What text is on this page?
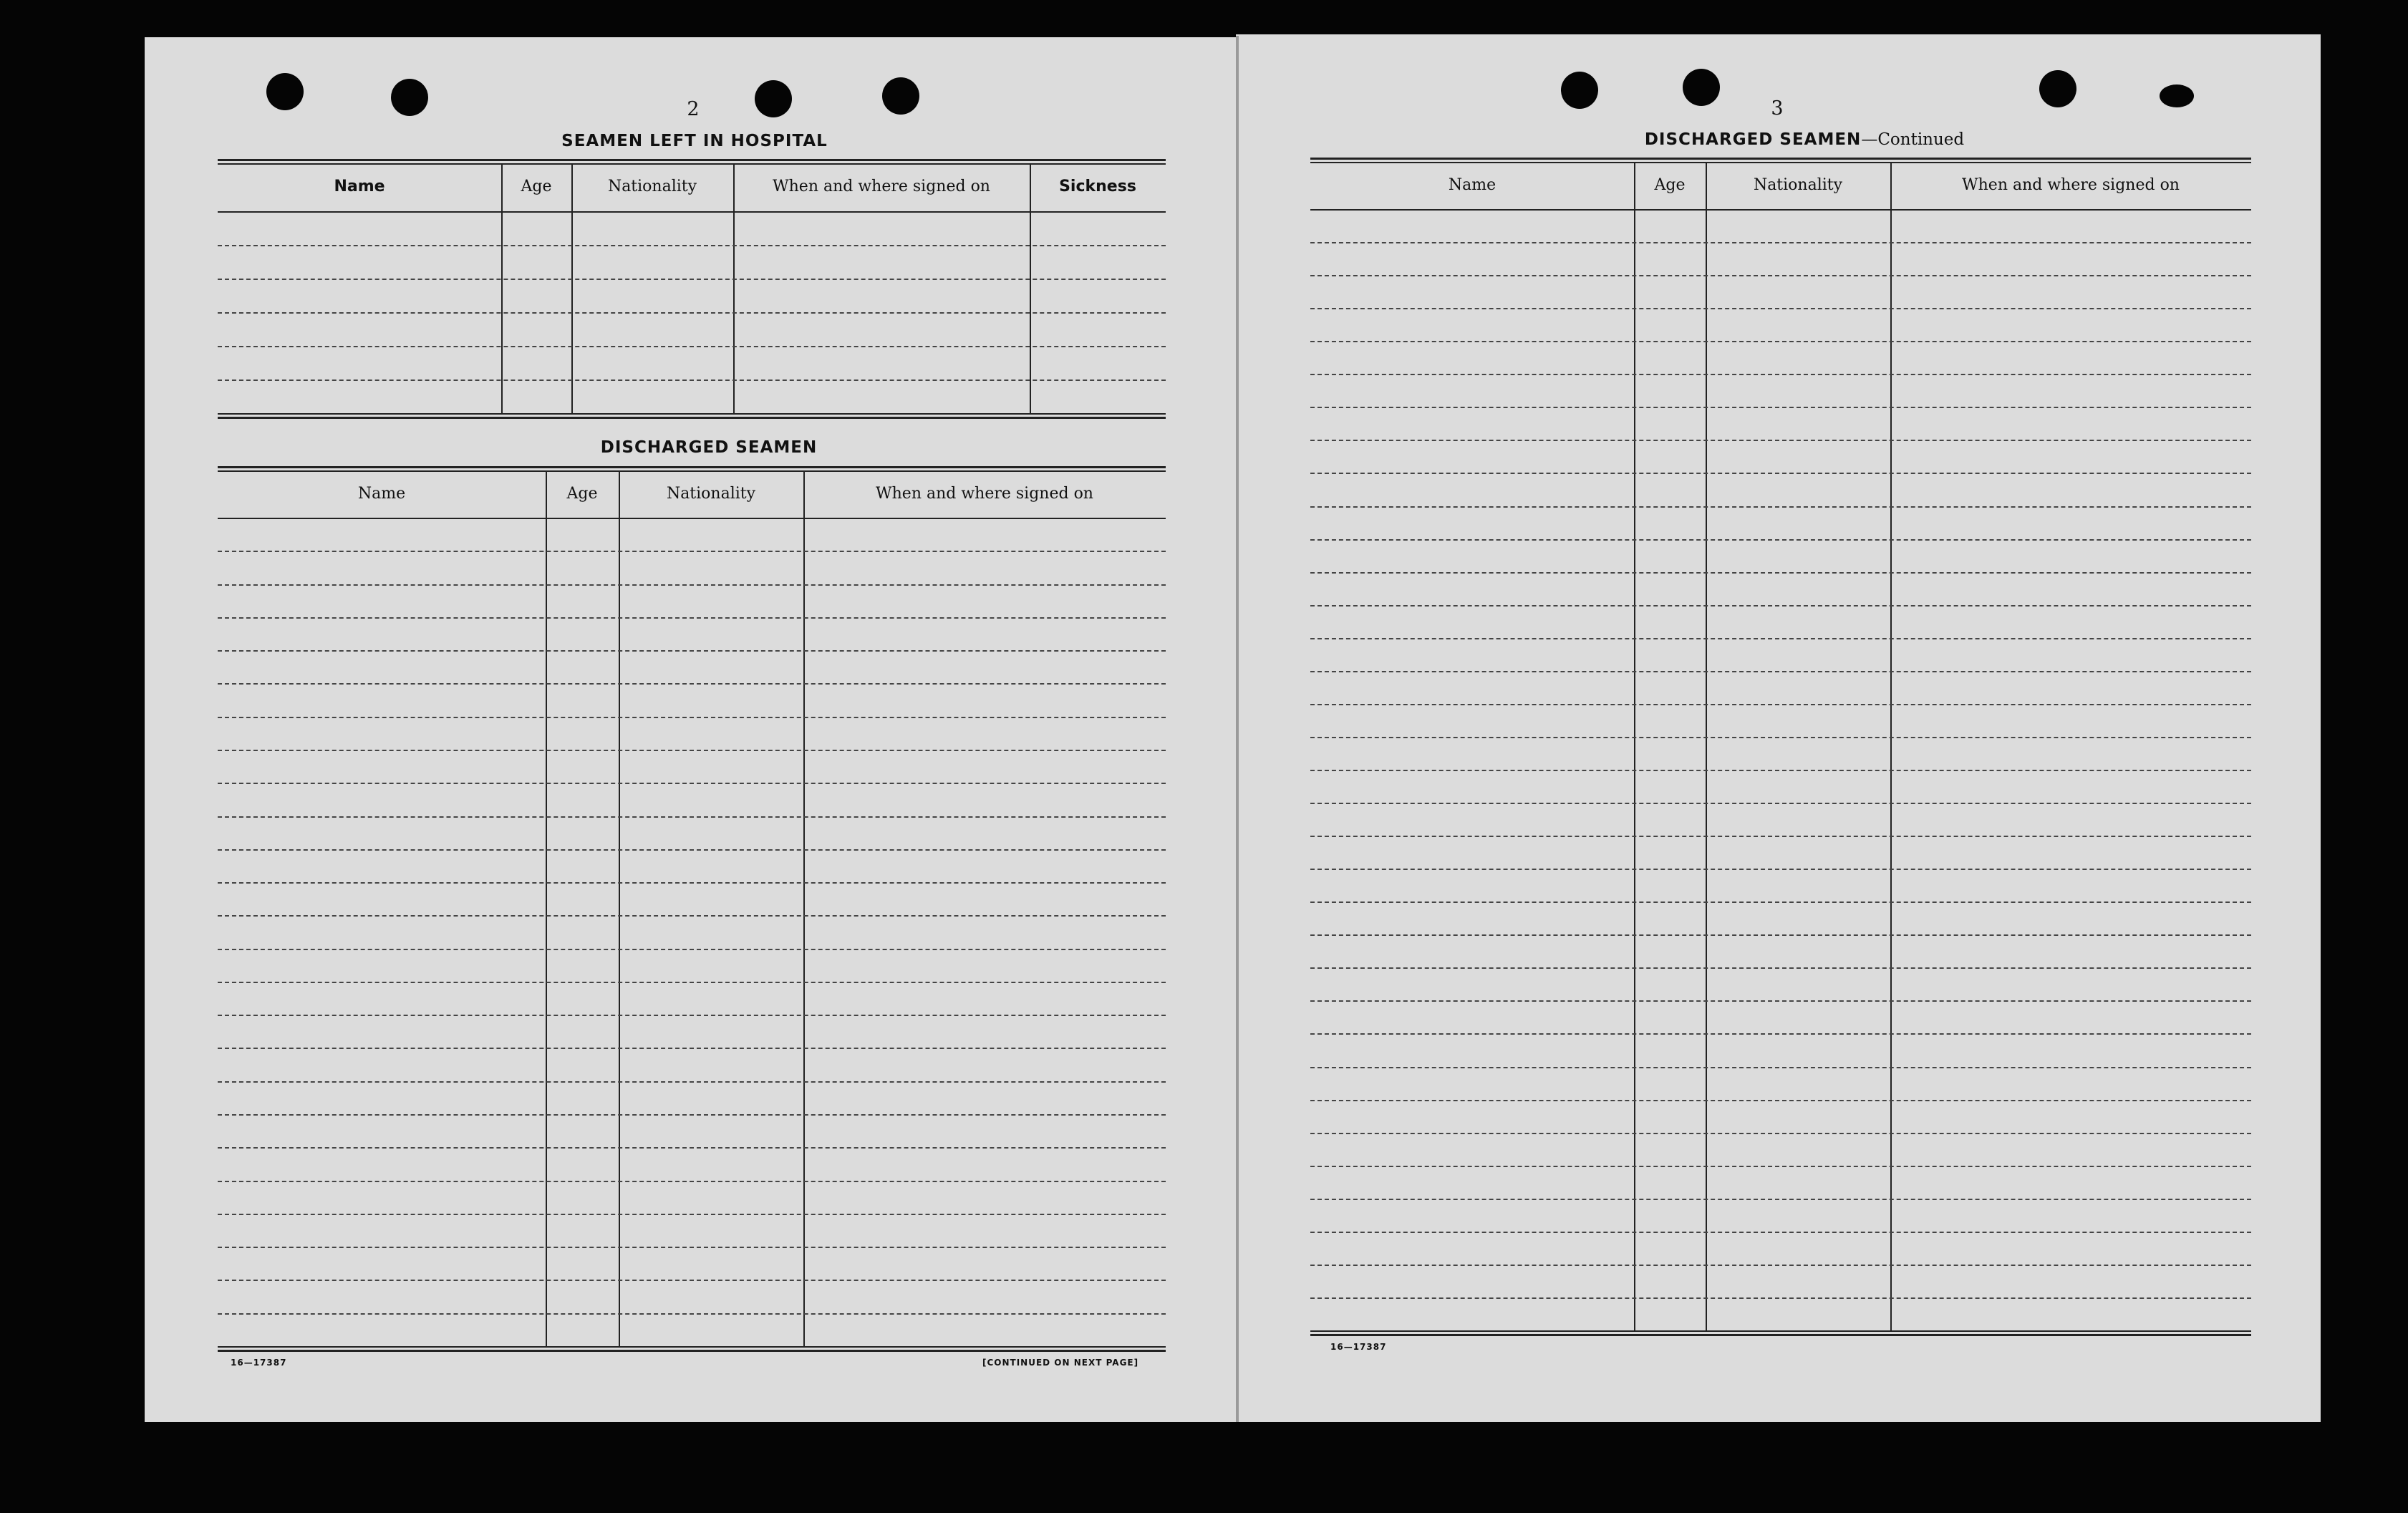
2
SEAMEN LEFT IN HOSPITAL
DISCHARGED SEAMEN
3
DISCHARGED SEAMEN—Continued
16—17387	[CONTINUED ON NEXT PAGE]
16—17387
Name	Age	Nationality	When and where signed on	Sickness
Name	Age	Nationality	When and where signed on
Name	Age	Nationality	When and where signed on
